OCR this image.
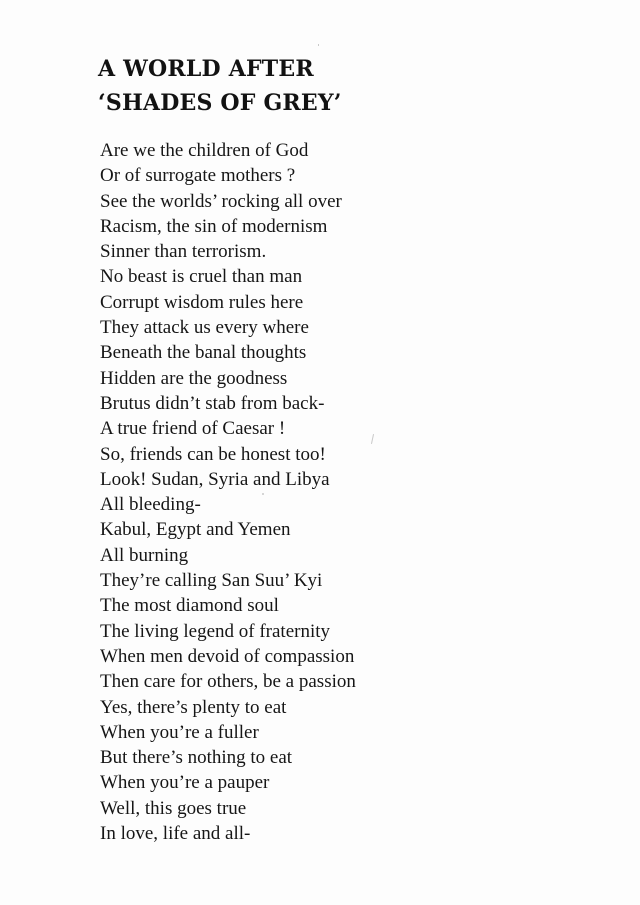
A WORLD AFTER
‘SHADES OF GREY’
Are we the children of God
Or of surrogate mothers ?
See the worlds’ rocking all over
Racism, the sin of modernism
Sinner than terrorism.
No beast is cruel than man
Corrupt wisdom rules here
They attack us every where
Beneath the banal thoughts
Hidden are the goodness
Brutus didn’t stab from back-
A true friend of Caesar !
So, friends can be honest too!
Look! Sudan, Syria and Libya
All bleeding-
Kabul, Egypt and Yemen
All burning
They’re calling San Suu’ Kyi
The most diamond soul
The living legend of fraternity
When men devoid of compassion
Then care for others, be a passion
Yes, there’s plenty to eat
When you’re a fuller
But there’s nothing to eat
When you’re a pauper
Well, this goes true
In love, life and all-
